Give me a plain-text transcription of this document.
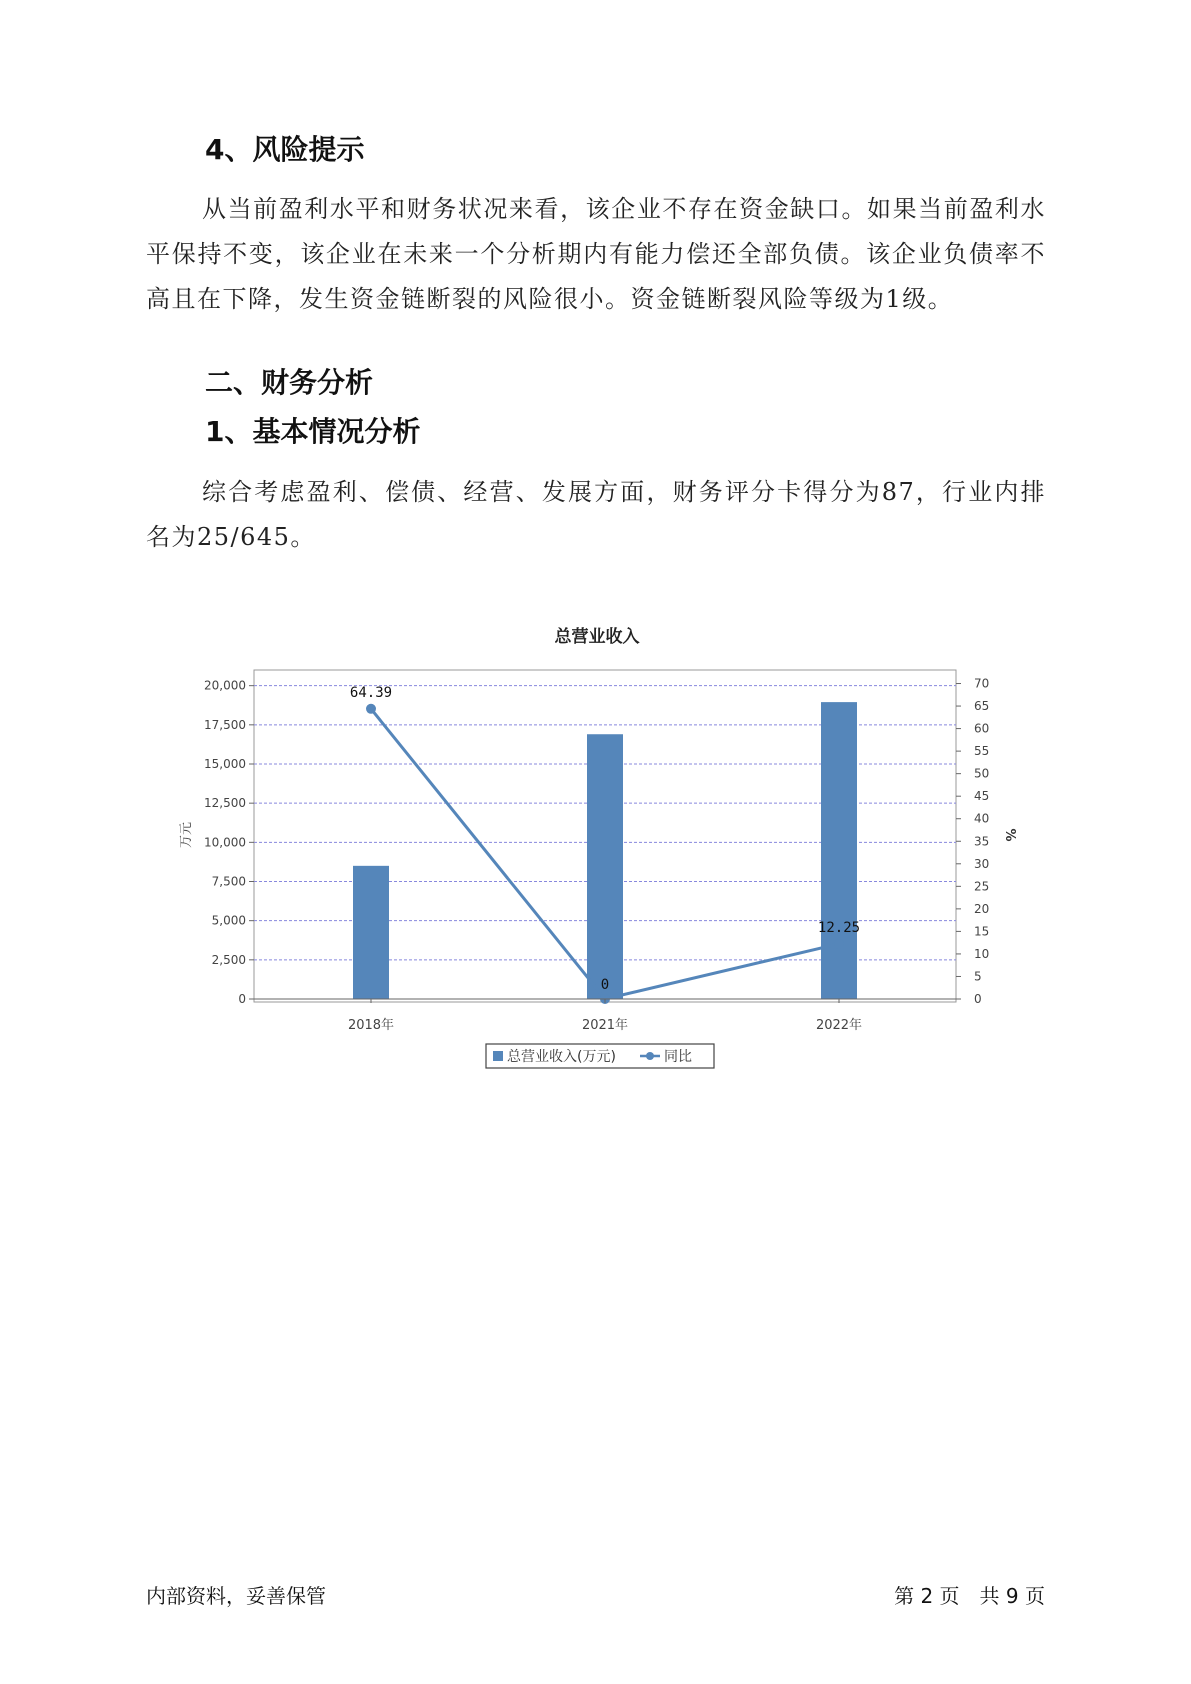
4、风险提示

从当前盈利水平和财务状况来看，该企业不存在资金缺口。如果当前盈利水平保持不变，该企业在未来一个分析期内有能力偿还全部负债。该企业负债率不高且在下降，发生资金链断裂的风险很小。资金链断裂风险等级为1级。

二、财务分析
1、基本情况分析

综合考虑盈利、偿债、经营、发展方面，财务评分卡得分为87，行业内排名为25/645。

总营业收入
64.39
0
12.25
0
2,500
5,000
7,500
10,000
12,500
15,000
17,500
20,000
0
5
10
15
20
25
30
35
40
45
50
55
60
65
70
2018年	2021年	2022年
万元	%
总营业收入(万元)	同比
内部资料，妥善保管	第 2 页　共 9 页
